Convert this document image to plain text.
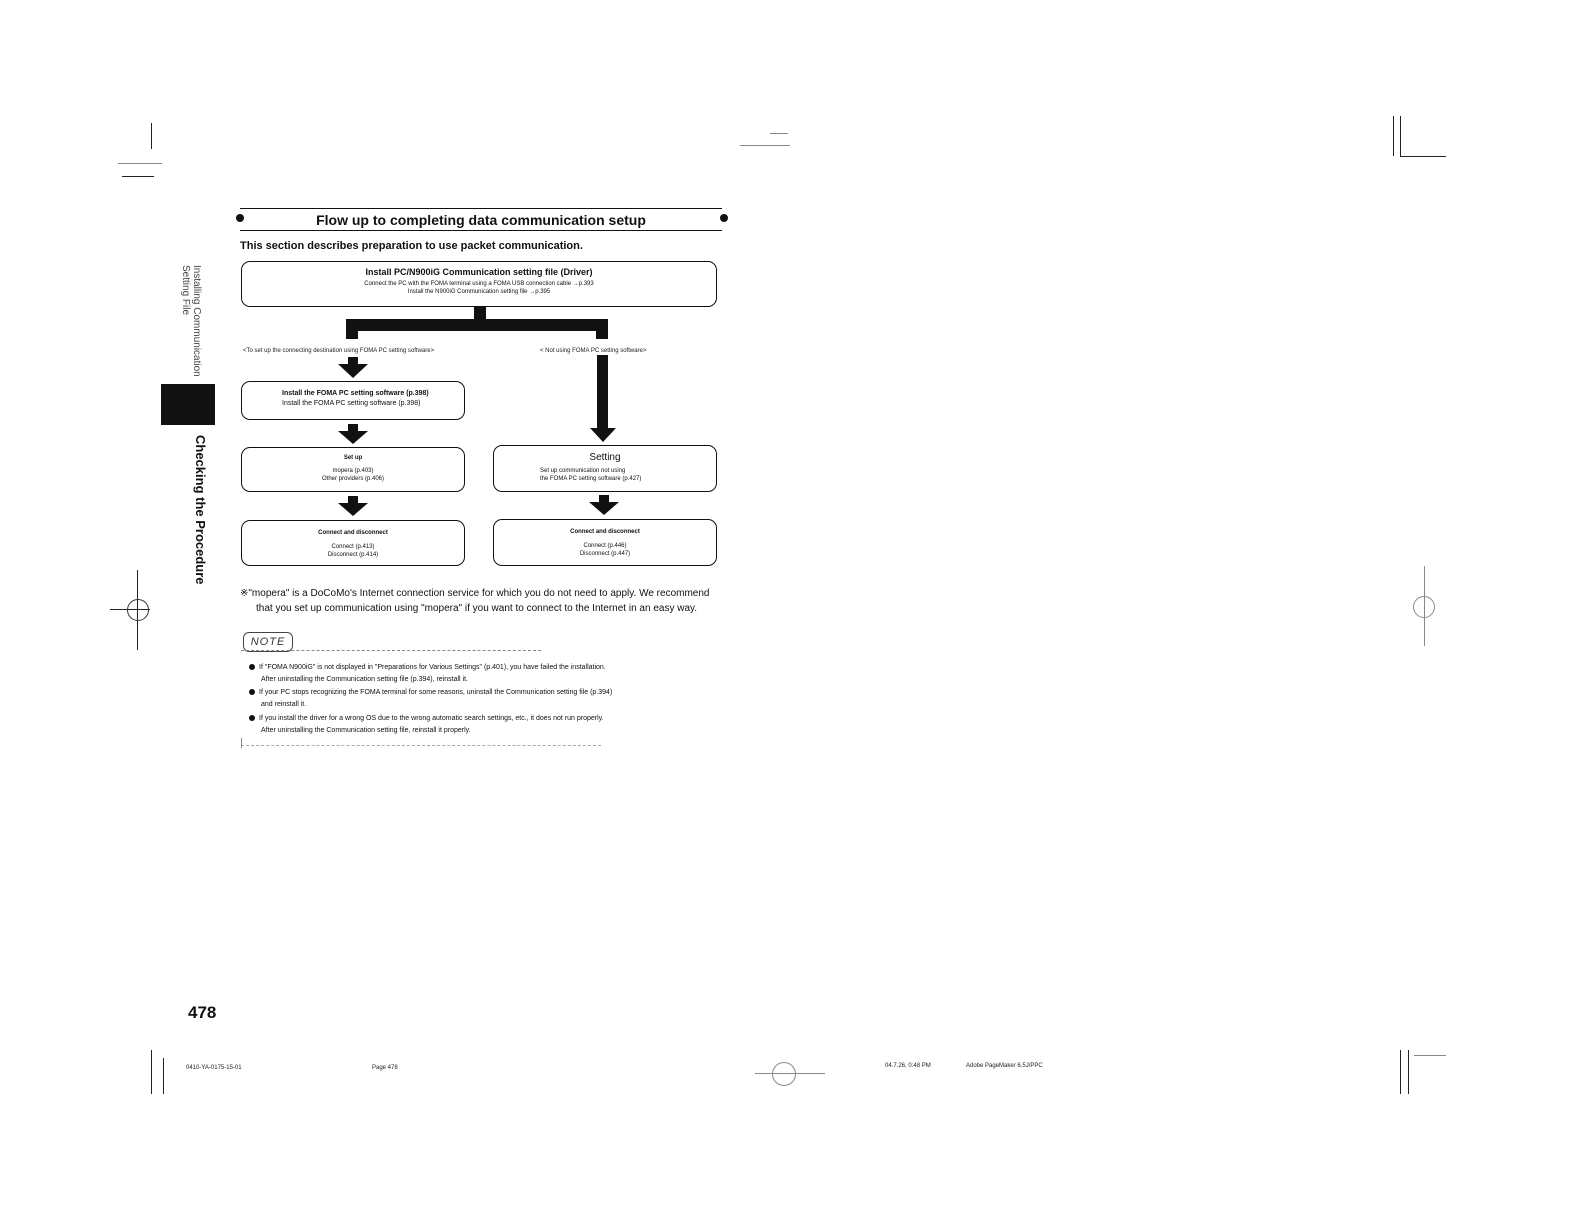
Installing Communication
Setting File
Checking the Procedure
Flow up to completing data communication setup
This section describes preparation to use packet communication.
Install PC/N900iG Communication setting file (Driver)
Connect the PC with the FOMA terminal using a FOMA USB connection cable →p.393
Install the N900iG Communication setting file →p.395
<To set up the connecting destination using FOMA PC setting software>	< Not using FOMA PC setting software>
Install the FOMA PC setting software (p.398)
Install the FOMA PC setting software (p.398)
Set up
mopera (p.403)
Other providers (p.406)
Connect and disconnect
Connect (p.413)
Disconnect (p.414)
Setting
Set up communication not using
the FOMA PC setting software (p.427)
Connect and disconnect
Connect (p.446)
Disconnect (p.447)
※"mopera" is a DoCoMo's Internet connection service for which you do not need to apply. We recommend
that you set up communication using "mopera" if you want to connect to the Internet in an easy way.
NOTE
If "FOMA N900iG" is not displayed in "Preparations for Various Settings" (p.401), you have failed the installation.
After uninstalling the Communication setting file (p.394), reinstall it.
If your PC stops recognizing the FOMA terminal for some reasons, uninstall the Communication setting file (p.394)
and reinstall it.
If you install the driver for a wrong OS due to the wrong automatic search settings, etc., it does not run properly.
After uninstalling the Communication setting file, reinstall it properly.
478
0410-YA-0175-15-01	Page 478	04.7.26, 0:48 PM	Adobe PageMaker 6.5J/PPC
